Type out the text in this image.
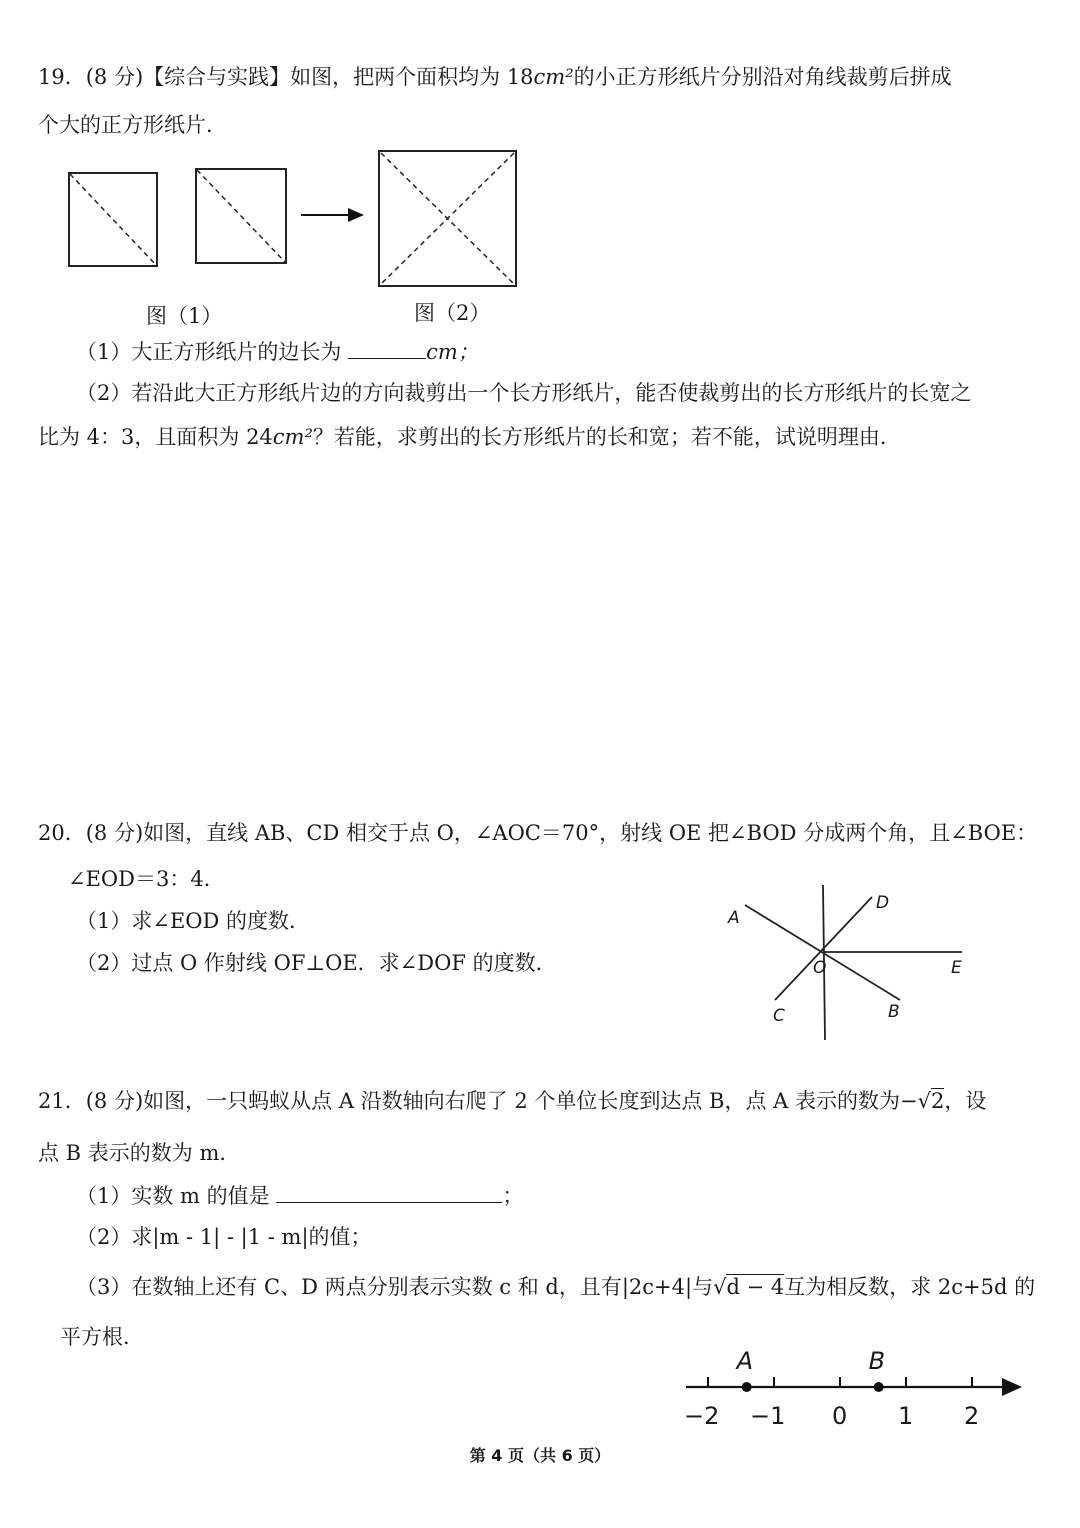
19．(8 分)【综合与实践】如图，把两个面积均为 18cm²的小正方形纸片分别沿对角线裁剪后拼成
个大的正方形纸片．
图（1）	图（2）
（1）大正方形纸片的边长为	cm；
（2）若沿此大正方形纸片边的方向裁剪出一个长方形纸片，能否使裁剪出的长方形纸片的长宽之
比为 4：3，且面积为 24cm²？若能，求剪出的长方形纸片的长和宽；若不能，试说明理由．
20．(8 分)如图，直线 AB、CD 相交于点 O，∠AOC＝70°，射线 OE 把∠BOD 分成两个角，且∠BOE：
∠EOD＝3：4．
（1）求∠EOD 的度数．
（2）过点 O 作射线 OF⊥OE．求∠DOF 的度数．
A
D
E
O
C	B
21．(8 分)如图，一只蚂蚁从点 A 沿数轴向右爬了 2 个单位长度到达点 B，点 A 表示的数为−√2，设
点 B 表示的数为 m．
（1）实数 m 的值是	；
（2）求|m - 1| - |1 - m|的值；
（3）在数轴上还有 C、D 两点分别表示实数 c 和 d，且有|2c+4|与√d − 4互为相反数，求 2c+5d 的
平方根．
A	B
−2 −1 0 1 2
第 4 页（共 6 页）
